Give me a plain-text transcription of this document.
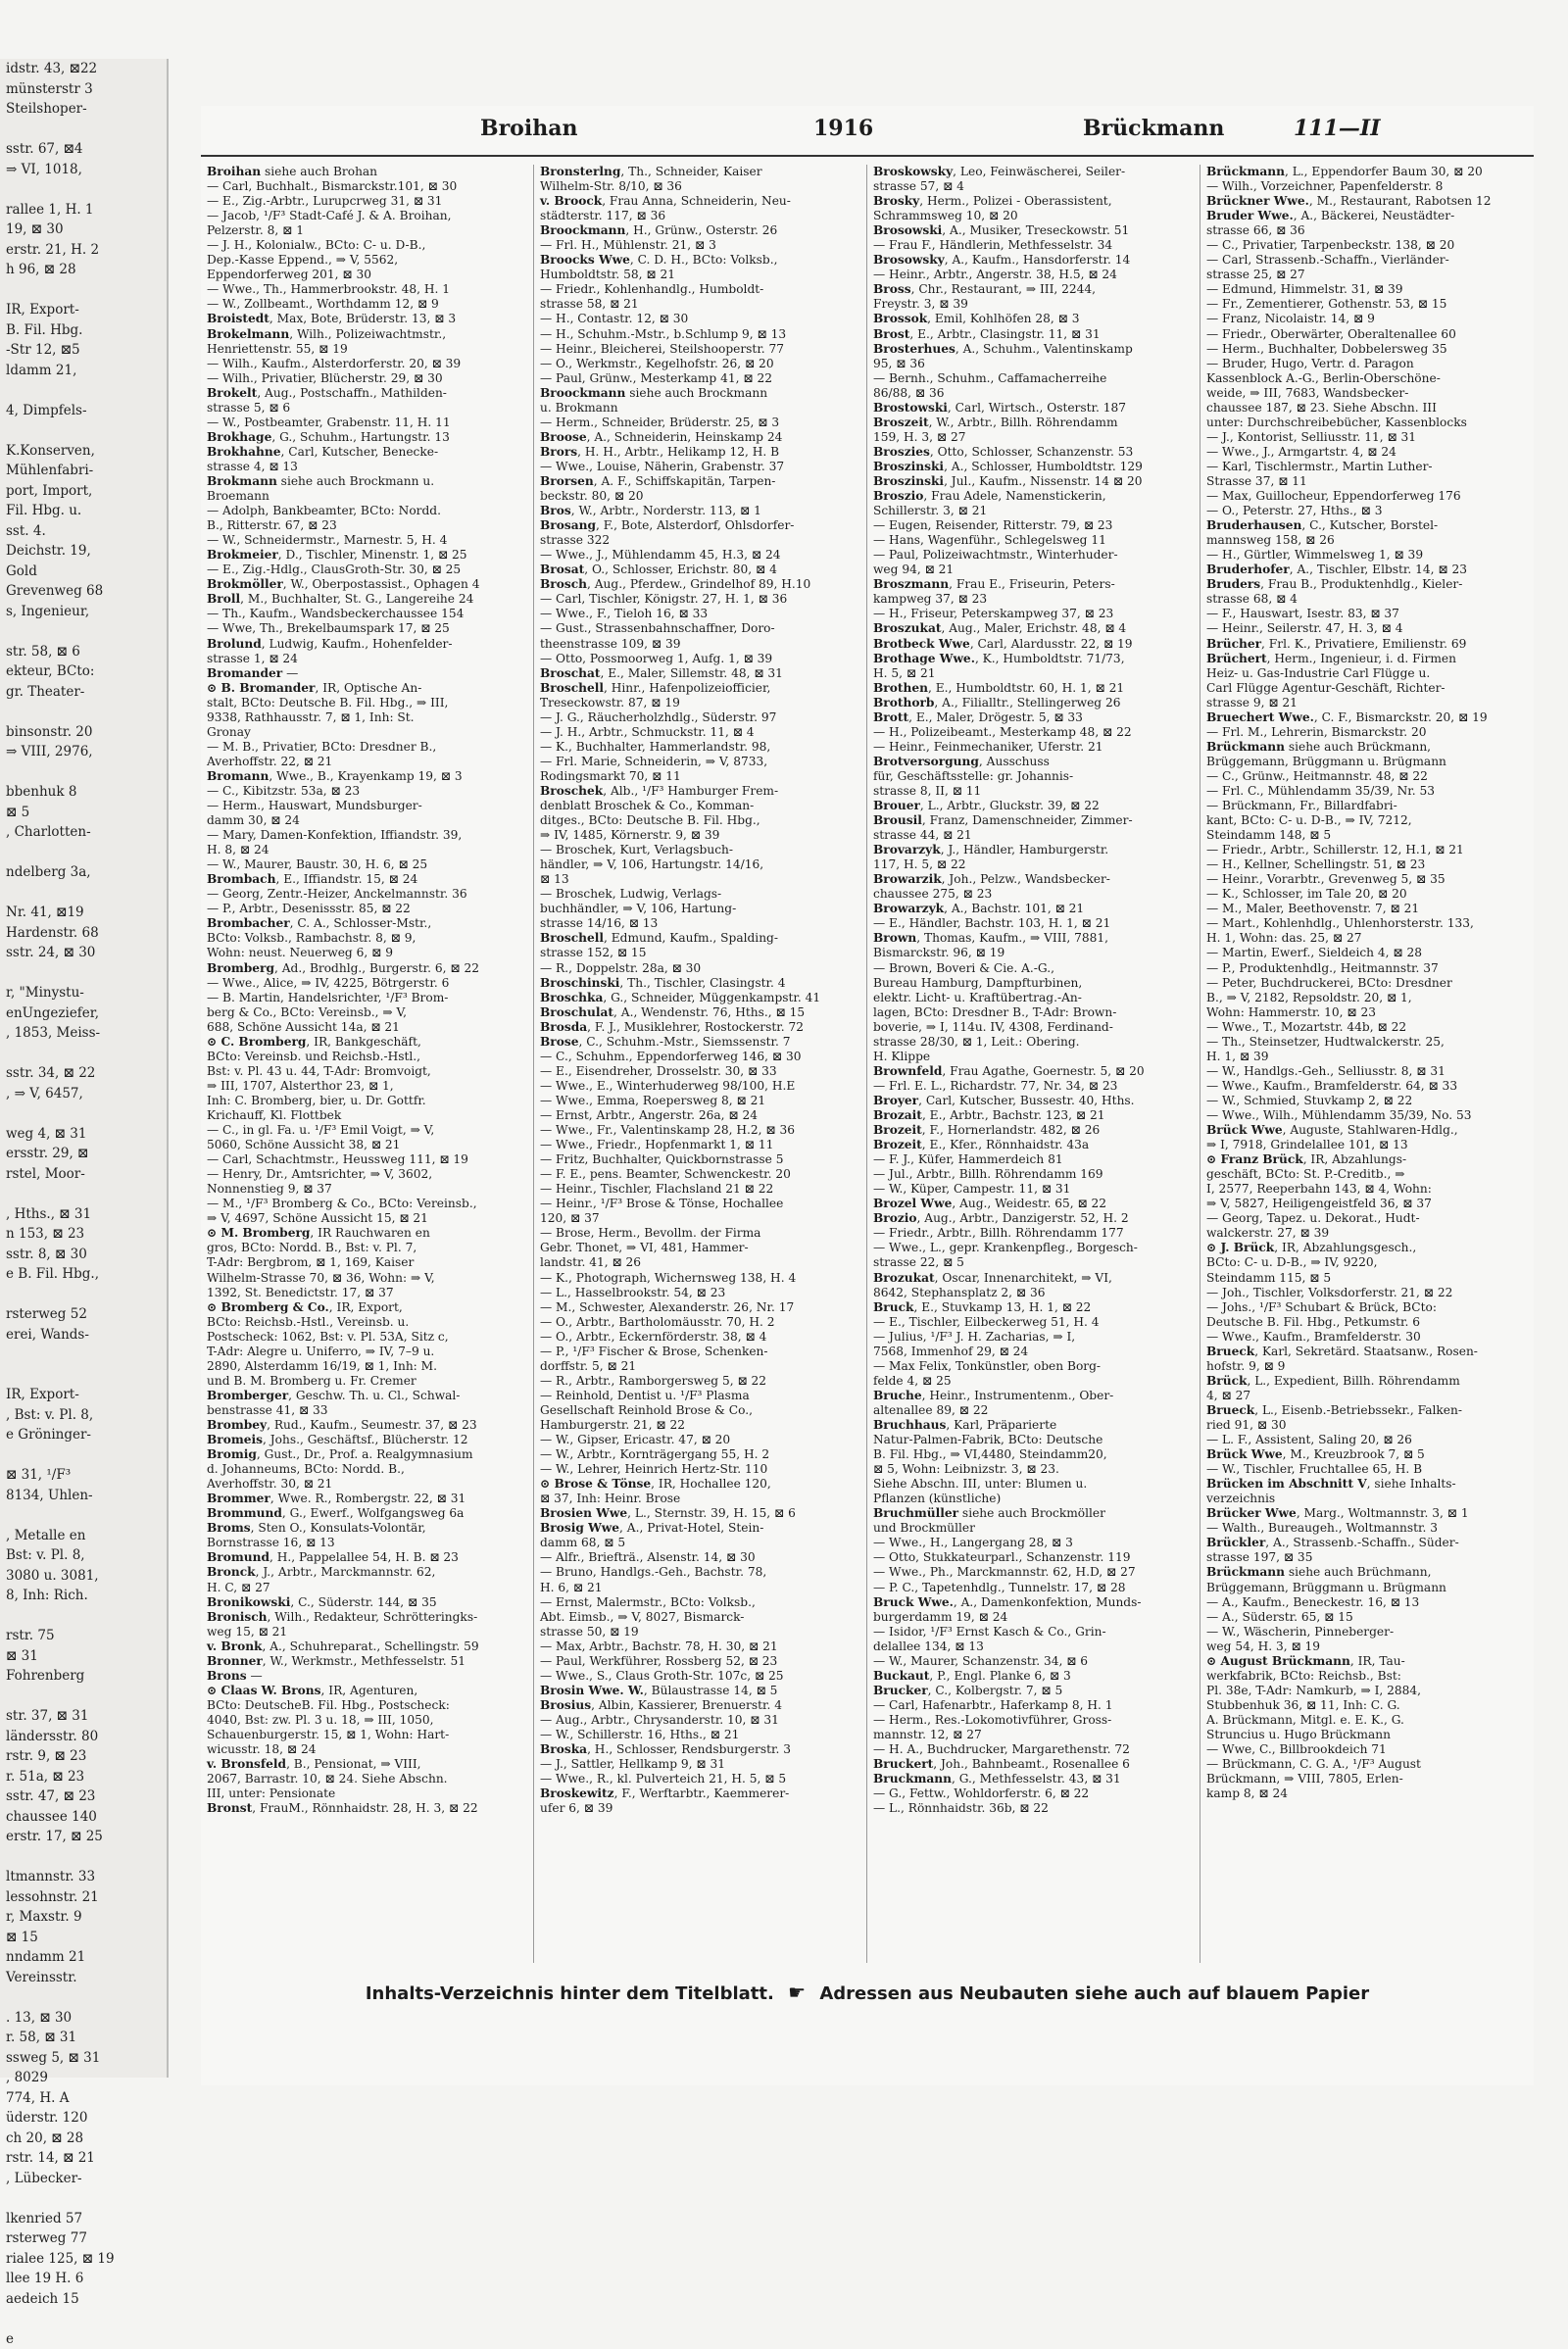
idstr. 43, ⊠22
münsterstr 3
Steilshoper-

sstr. 67, ⊠4
⇒ VI, 1018,

rallee 1, H. 1
19, ⊠ 30
erstr. 21, H. 2
h 96, ⊠ 28

IR, Export-
B. Fil. Hbg.
-Str 12, ⊠5
ldamm 21,

4, Dimpfels-

K.Konserven,
Mühlenfabri-
port, Import,
Fil. Hbg. u.
sst. 4.
Deichstr. 19,
Gold
Grevenweg 68
s, Ingenieur,

str. 58, ⊠ 6
ekteur, BCto:
gr. Theater-

binsonstr. 20
⇒ VIII, 2976,

bbenhuk 8
⊠ 5
, Charlotten-

ndelberg 3a,

Nr. 41, ⊠19
Hardenstr. 68
sstr. 24, ⊠ 30

r, "Minystu-
enUngeziefer,
, 1853, Meiss-

sstr. 34, ⊠ 22
, ⇒ V, 6457,

weg 4, ⊠ 31
ersstr. 29, ⊠
rstel, Moor-

, Hths., ⊠ 31
n 153, ⊠ 23
sstr. 8, ⊠ 30
e B. Fil. Hbg.,

rsterweg 52
erei, Wands-

IR, Export-
, Bst: v. Pl. 8,
e Gröninger-

⊠ 31, ¹/F³
8134, Uhlen-

, Metalle en
Bst: v. Pl. 8,
3080 u. 3081,
8, Inh: Rich.

rstr. 75
⊠ 31
Fohrenberg

str. 37, ⊠ 31
ländersstr. 80
rstr. 9, ⊠ 23
r. 51a, ⊠ 23
sstr. 47, ⊠ 23
chaussee 140
erstr. 17, ⊠ 25

ltmannstr. 33
lessohnstr. 21
r, Maxstr. 9
⊠ 15
nndamm 21
Vereinsstr.

. 13, ⊠ 30
r. 58, ⊠ 31
ssweg 5, ⊠ 31
, 8029
774, H. A
üderstr. 120
ch 20, ⊠ 28
rstr. 14, ⊠ 21
, Lübecker-

lkenried 57
rsterweg 77
rialee 125, ⊠ 19
llee 19 H. 6
aedeich 15

e
Broihan	1916	Brückmann	111—II
Broihan siehe auch Brohan
— Carl, Buchhalt., Bismarckstr.101, ⊠ 30
— E., Zig.-Arbtr., Lurupcrweg 31, ⊠ 31
— Jacob, ¹/F³ Stadt-Café J. & A. Broihan,
Pelzerstr. 8, ⊠ 1
— J. H., Kolonialw., BCto: C- u. D-B.,
Dep.-Kasse Eppend., ⇒ V, 5562,
Eppendorferweg 201, ⊠ 30
— Wwe., Th., Hammerbrookstr. 48, H. 1
— W., Zollbeamt., Worthdamm 12, ⊠ 9
Broistedt, Max, Bote, Brüderstr. 13, ⊠ 3
Brokelmann, Wilh., Polizeiwachtmstr.,
Henriettenstr. 55, ⊠ 19
— Wilh., Kaufm., Alsterdorferstr. 20, ⊠ 39
— Wilh., Privatier, Blücherstr. 29, ⊠ 30
Brokelt, Aug., Postschaffn., Mathilden-
strasse 5, ⊠ 6
— W., Postbeamter, Grabenstr. 11, H. 11
Brokhage, G., Schuhm., Hartungstr. 13
Brokhahne, Carl, Kutscher, Benecke-
strasse 4, ⊠ 13
Brokmann siehe auch Brockmann u.
Broemann
— Adolph, Bankbeamter, BCto: Nordd.
B., Ritterstr. 67, ⊠ 23
— W., Schneidermstr., Marnestr. 5, H. 4
Brokmeier, D., Tischler, Minenstr. 1, ⊠ 25
— E., Zig.-Hdlg., ClausGroth-Str. 30, ⊠ 25
Brokmöller, W., Oberpostassist., Ophagen 4
Broll, M., Buchhalter, St. G., Langereihe 24
— Th., Kaufm., Wandsbeckerchaussee 154
— Wwe, Th., Brekelbaumspark 17, ⊠ 25
Brolund, Ludwig, Kaufm., Hohenfelder-
strasse 1, ⊠ 24
Bromander —
⊙ B. Bromander, IR, Optische An-
stalt, BCto: Deutsche B. Fil. Hbg., ⇒ III,
9338, Rathhausstr. 7, ⊠ 1, Inh: St.
Gronay
— M. B., Privatier, BCto: Dresdner B.,
Averhoffstr. 22, ⊠ 21
Bromann, Wwe., B., Krayenkamp 19, ⊠ 3
— C., Kibitzstr. 53a, ⊠ 23
— Herm., Hauswart, Mundsburger-
damm 30, ⊠ 24
— Mary, Damen-Konfektion, Iffiandstr. 39,
H. 8, ⊠ 24
— W., Maurer, Baustr. 30, H. 6, ⊠ 25
Brombach, E., Iffiandstr. 15, ⊠ 24
— Georg, Zentr.-Heizer, Anckelmannstr. 36
— P., Arbtr., Desenissstr. 85, ⊠ 22
Brombacher, C. A., Schlosser-Mstr.,
BCto: Volksb., Rambachstr. 8, ⊠ 9,
Wohn: neust. Neuerweg 6, ⊠ 9
Bromberg, Ad., Brodhlg., Burgerstr. 6, ⊠ 22
— Wwe., Alice, ⇒ IV, 4225, Bötrgerstr. 6
— B. Martin, Handelsrichter, ¹/F³ Brom-
berg & Co., BCto: Vereinsb., ⇒ V,
688, Schöne Aussicht 14a, ⊠ 21
⊙ C. Bromberg, IR, Bankgeschäft,
BCto: Vereinsb. und Reichsb.-Hstl.,
Bst: v. Pl. 43 u. 44, T-Adr: Bromvoigt,
⇒ III, 1707, Alsterthor 23, ⊠ 1,
Inh: C. Bromberg, bier, u. Dr. Gottfr.
Krichauff, Kl. Flottbek
— C., in gl. Fa. u. ¹/F³ Emil Voigt, ⇒ V,
5060, Schöne Aussicht 38, ⊠ 21
— Carl, Schachtmstr., Heussweg 111, ⊠ 19
— Henry, Dr., Amtsrichter, ⇒ V, 3602,
Nonnenstieg 9, ⊠ 37
— M., ¹/F³ Bromberg & Co., BCto: Vereinsb.,
⇒ V, 4697, Schöne Aussicht 15, ⊠ 21
⊙ M. Bromberg, IR Rauchwaren en
gros, BCto: Nordd. B., Bst: v. Pl. 7,
T-Adr: Bergbrom, ⊠ 1, 169, Kaiser
Wilhelm-Strasse 70, ⊠ 36, Wohn: ⇒ V,
1392, St. Benedictstr. 17, ⊠ 37
⊙ Bromberg & Co., IR, Export,
BCto: Reichsb.-Hstl., Vereinsb. u.
Postscheck: 1062, Bst: v. Pl. 53A, Sitz c,
T-Adr: Alegre u. Uniferro, ⇒ IV, 7–9 u.
2890, Alsterdamm 16/19, ⊠ 1, Inh: M.
und B. M. Bromberg u. Fr. Cremer
Bromberger, Geschw. Th. u. Cl., Schwal-
benstrasse 41, ⊠ 33
Brombey, Rud., Kaufm., Seumestr. 37, ⊠ 23
Bromeis, Johs., Geschäftsf., Blücherstr. 12
Bromig, Gust., Dr., Prof. a. Realgymnasium
d. Johanneums, BCto: Nordd. B.,
Averhoffstr. 30, ⊠ 21
Brommer, Wwe. R., Rombergstr. 22, ⊠ 31
Brommund, G., Ewerf., Wolfgangsweg 6a
Broms, Sten O., Konsulats-Volontär,
Bornstrasse 16, ⊠ 13
Bromund, H., Pappelallee 54, H. B. ⊠ 23
Bronck, J., Arbtr., Marckmannstr. 62,
H. C, ⊠ 27
Bronikowski, C., Süderstr. 144, ⊠ 35
Bronisch, Wilh., Redakteur, Schrötteringks-
weg 15, ⊠ 21
v. Bronk, A., Schuhreparat., Schellingstr. 59
Bronner, W., Werkmstr., Methfesselstr. 51
Brons —
⊙ Claas W. Brons, IR, Agenturen,
BCto: DeutscheB. Fil. Hbg., Postscheck:
4040, Bst: zw. Pl. 3 u. 18, ⇒ III, 1050,
Schauenburgerstr. 15, ⊠ 1, Wohn: Hart-
wicusstr. 18, ⊠ 24
v. Bronsfeld, B., Pensionat, ⇒ VIII,
2067, Barrastr. 10, ⊠ 24. Siehe Abschn.
III, unter: Pensionate
Bronst, FrauM., Rönnhaidstr. 28, H. 3, ⊠ 22
Bronsterlng, Th., Schneider, Kaiser
Wilhelm-Str. 8/10, ⊠ 36
v. Broock, Frau Anna, Schneiderin, Neu-
städterstr. 117, ⊠ 36
Broockmann, H., Grünw., Osterstr. 26
— Frl. H., Mühlenstr. 21, ⊠ 3
Broocks Wwe, C. D. H., BCto: Volksb.,
Humboldtstr. 58, ⊠ 21
— Friedr., Kohlenhandlg., Humboldt-
strasse 58, ⊠ 21
— H., Contastr. 12, ⊠ 30
— H., Schuhm.-Mstr., b.Schlump 9, ⊠ 13
— Heinr., Bleicherei, Steilshooperstr. 77
— O., Werkmstr., Kegelhofstr. 26, ⊠ 20
— Paul, Grünw., Mesterkamp 41, ⊠ 22
Broockmann siehe auch Brockmann
u. Brokmann
— Herm., Schneider, Brüderstr. 25, ⊠ 3
Broose, A., Schneiderin, Heinskamp 24
Brors, H. H., Arbtr., Helikamp 12, H. B
— Wwe., Louise, Näherin, Grabenstr. 37
Brorsen, A. F., Schiffskapitän, Tarpen-
beckstr. 80, ⊠ 20
Bros, W., Arbtr., Norderstr. 113, ⊠ 1
Brosang, F., Bote, Alsterdorf, Ohlsdorfer-
strasse 322
— Wwe., J., Mühlendamm 45, H.3, ⊠ 24
Brosat, O., Schlosser, Erichstr. 80, ⊠ 4
Brosch, Aug., Pferdew., Grindelhof 89, H.10
— Carl, Tischler, Königstr. 27, H. 1, ⊠ 36
— Wwe., F., Tieloh 16, ⊠ 33
— Gust., Strassenbahnschaffner, Doro-
theenstrasse 109, ⊠ 39
— Otto, Possmoorweg 1, Aufg. 1, ⊠ 39
Broschat, E., Maler, Sillemstr. 48, ⊠ 31
Broschell, Hinr., Hafenpolizeiofficier,
Treseckowstr. 87, ⊠ 19
— J. G., Räucherholzhdlg., Süderstr. 97
— J. H., Arbtr., Schmuckstr. 11, ⊠ 4
— K., Buchhalter, Hammerlandstr. 98,
— Frl. Marie, Schneiderin, ⇒ V, 8733,
Rodingsmarkt 70, ⊠ 11
Broschek, Alb., ¹/F³ Hamburger Frem-
denblatt Broschek & Co., Komman-
ditges., BCto: Deutsche B. Fil. Hbg.,
⇒ IV, 1485, Körnerstr. 9, ⊠ 39
— Broschek, Kurt, Verlagsbuch-
händler, ⇒ V, 106, Hartungstr. 14/16,
⊠ 13
— Broschek, Ludwig, Verlags-
buchhändler, ⇒ V, 106, Hartung-
strasse 14/16, ⊠ 13
Broschell, Edmund, Kaufm., Spalding-
strasse 152, ⊠ 15
— R., Doppelstr. 28a, ⊠ 30
Broschinski, Th., Tischler, Clasingstr. 4
Broschka, G., Schneider, Müggenkampstr. 41
Broschulat, A., Wendenstr. 76, Hths., ⊠ 15
Brosda, F. J., Musiklehrer, Rostockerstr. 72
Brose, C., Schuhm.-Mstr., Siemssenstr. 7
— C., Schuhm., Eppendorferweg 146, ⊠ 30
— E., Eisendreher, Drosselstr. 30, ⊠ 33
— Wwe., E., Winterhuderweg 98/100, H.E
— Wwe., Emma, Roepersweg 8, ⊠ 21
— Ernst, Arbtr., Angerstr. 26a, ⊠ 24
— Wwe., Fr., Valentinskamp 28, H.2, ⊠ 36
— Wwe., Friedr., Hopfenmarkt 1, ⊠ 11
— Fritz, Buchhalter, Quickbornstrasse 5
— F. E., pens. Beamter, Schwenckestr. 20
— Heinr., Tischler, Flachsland 21 ⊠ 22
— Heinr., ¹/F³ Brose & Tönse, Hochallee
120, ⊠ 37
— Brose, Herm., Bevollm. der Firma
Gebr. Thonet, ⇒ VI, 481, Hammer-
landstr. 41, ⊠ 26
— K., Photograph, Wichernsweg 138, H. 4
— L., Hasselbrookstr. 54, ⊠ 23
— M., Schwester, Alexanderstr. 26, Nr. 17
— O., Arbtr., Bartholomäusstr. 70, H. 2
— O., Arbtr., Eckernförderstr. 38, ⊠ 4
— P., ¹/F³ Fischer & Brose, Schenken-
dorffstr. 5, ⊠ 21
— R., Arbtr., Ramborgersweg 5, ⊠ 22
— Reinhold, Dentist u. ¹/F³ Plasma
Gesellschaft Reinhold Brose & Co.,
Hamburgerstr. 21, ⊠ 22
— W., Gipser, Ericastr. 47, ⊠ 20
— W., Arbtr., Kornträgergang 55, H. 2
— W., Lehrer, Heinrich Hertz-Str. 110
⊙ Brose & Tönse, IR, Hochallee 120,
⊠ 37, Inh: Heinr. Brose
Brosien Wwe, L., Sternstr. 39, H. 15, ⊠ 6
Brosig Wwe, A., Privat-Hotel, Stein-
damm 68, ⊠ 5
— Alfr., Briefträ., Alsenstr. 14, ⊠ 30
— Bruno, Handlgs.-Geh., Bachstr. 78,
H. 6, ⊠ 21
— Ernst, Malermstr., BCto: Volksb.,
Abt. Eimsb., ⇒ V, 8027, Bismarck-
strasse 50, ⊠ 19
— Max, Arbtr., Bachstr. 78, H. 30, ⊠ 21
— Paul, Werkführer, Rossberg 52, ⊠ 23
— Wwe., S., Claus Groth-Str. 107c, ⊠ 25
Brosin Wwe. W., Bülaustrasse 14, ⊠ 5
Brosius, Albin, Kassierer, Brenuerstr. 4
— Aug., Arbtr., Chrysanderstr. 10, ⊠ 31
— W., Schillerstr. 16, Hths., ⊠ 21
Broska, H., Schlosser, Rendsburgerstr. 3
— J., Sattler, Hellkamp 9, ⊠ 31
— Wwe., R., kl. Pulverteich 21, H. 5, ⊠ 5
Broskewitz, F., Werftarbtr., Kaemmerer-
ufer 6, ⊠ 39
Broskowsky, Leo, Feinwäscherei, Seiler-
strasse 57, ⊠ 4
Brosky, Herm., Polizei - Oberassistent,
Schrammsweg 10, ⊠ 20
Brosowski, A., Musiker, Treseckowstr. 51
— Frau F., Händlerin, Methfesselstr. 34
Brosowsky, A., Kaufm., Hansdorferstr. 14
— Heinr., Arbtr., Angerstr. 38, H.5, ⊠ 24
Bross, Chr., Restaurant, ⇒ III, 2244,
Freystr. 3, ⊠ 39
Brossok, Emil, Kohlhöfen 28, ⊠ 3
Brost, E., Arbtr., Clasingstr. 11, ⊠ 31
Brosterhues, A., Schuhm., Valentinskamp
95, ⊠ 36
— Bernh., Schuhm., Caffamacherreihe
86/88, ⊠ 36
Brostowski, Carl, Wirtsch., Osterstr. 187
Broszeit, W., Arbtr., Billh. Röhrendamm
159, H. 3, ⊠ 27
Broszies, Otto, Schlosser, Schanzenstr. 53
Broszinski, A., Schlosser, Humboldtstr. 129
Broszinski, Jul., Kaufm., Nissenstr. 14 ⊠ 20
Broszio, Frau Adele, Namenstickerin,
Schillerstr. 3, ⊠ 21
— Eugen, Reisender, Ritterstr. 79, ⊠ 23
— Hans, Wagenführ., Schlegelsweg 11
— Paul, Polizeiwachtmstr., Winterhuder-
weg 94, ⊠ 21
Broszmann, Frau E., Friseurin, Peters-
kampweg 37, ⊠ 23
— H., Friseur, Peterskampweg 37, ⊠ 23
Broszukat, Aug., Maler, Erichstr. 48, ⊠ 4
Brotbeck Wwe, Carl, Alardusstr. 22, ⊠ 19
Brothage Wwe., K., Humboldtstr. 71/73,
H. 5, ⊠ 21
Brothen, E., Humboldtstr. 60, H. 1, ⊠ 21
Brothorb, A., Filialltr., Stellingerweg 26
Brott, E., Maler, Drögestr. 5, ⊠ 33
— H., Polizeibeamt., Mesterkamp 48, ⊠ 22
— Heinr., Feinmechaniker, Uferstr. 21
Brotversorgung, Ausschuss
für, Geschäftsstelle: gr. Johannis-
strasse 8, II, ⊠ 11
Brouer, L., Arbtr., Gluckstr. 39, ⊠ 22
Brousil, Franz, Damenschneider, Zimmer-
strasse 44, ⊠ 21
Brovarzyk, J., Händler, Hamburgerstr.
117, H. 5, ⊠ 22
Browarzik, Joh., Pelzw., Wandsbecker-
chaussee 275, ⊠ 23
Browarzyk, A., Bachstr. 101, ⊠ 21
— E., Händler, Bachstr. 103, H. 1, ⊠ 21
Brown, Thomas, Kaufm., ⇒ VIII, 7881,
Bismarckstr. 96, ⊠ 19
— Brown, Boveri & Cie. A.-G.,
Bureau Hamburg, Dampfturbinen,
elektr. Licht- u. Kraftübertrag.-An-
lagen, BCto: Dresdner B., T-Adr: Brown-
boverie, ⇒ I, 114u. IV, 4308, Ferdinand-
strasse 28/30, ⊠ 1, Leit.: Obering.
H. Klippe
Brownfeld, Frau Agathe, Goernestr. 5, ⊠ 20
— Frl. E. L., Richardstr. 77, Nr. 34, ⊠ 23
Broyer, Carl, Kutscher, Bussestr. 40, Hths.
Brozait, E., Arbtr., Bachstr. 123, ⊠ 21
Brozeit, F., Hornerlandstr. 482, ⊠ 26
Brozeit, E., Kfer., Rönnhaidstr. 43a
— F. J., Küfer, Hammerdeich 81
— Jul., Arbtr., Billh. Röhrendamm 169
— W., Küper, Campestr. 11, ⊠ 31
Brozel Wwe, Aug., Weidestr. 65, ⊠ 22
Brozio, Aug., Arbtr., Danzigerstr. 52, H. 2
— Friedr., Arbtr., Billh. Röhrendamm 177
— Wwe., L., gepr. Krankenpfleg., Borgesch-
strasse 22, ⊠ 5
Brozukat, Oscar, Innenarchitekt, ⇒ VI,
8642, Stephansplatz 2, ⊠ 36
Bruck, E., Stuvkamp 13, H. 1, ⊠ 22
— E., Tischler, Eilbeckerweg 51, H. 4
— Julius, ¹/F³ J. H. Zacharias, ⇒ I,
7568, Immenhof 29, ⊠ 24
— Max Felix, Tonkünstler, oben Borg-
felde 4, ⊠ 25
Bruche, Heinr., Instrumentenm., Ober-
altenallee 89, ⊠ 22
Bruchhaus, Karl, Präparierte
Natur-Palmen-Fabrik, BCto: Deutsche
B. Fil. Hbg., ⇒ VI,4480, Steindamm20,
⊠ 5, Wohn: Leibnizstr. 3, ⊠ 23.
Siehe Abschn. III, unter: Blumen u.
Pflanzen (künstliche)
Bruchmüller siehe auch Brockmöller
und Brockmüller
— Wwe., H., Langergang 28, ⊠ 3
— Otto, Stukkateurparl., Schanzenstr. 119
— Wwe., Ph., Marckmannstr. 62, H.D, ⊠ 27
— P. C., Tapetenhdlg., Tunnelstr. 17, ⊠ 28
Bruck Wwe., A., Damenkonfektion, Munds-
burgerdamm 19, ⊠ 24
— Isidor, ¹/F³ Ernst Kasch & Co., Grin-
delallee 134, ⊠ 13
— W., Maurer, Schanzenstr. 34, ⊠ 6
Buckaut, P., Engl. Planke 6, ⊠ 3
Brucker, C., Kolbergstr. 7, ⊠ 5
— Carl, Hafenarbtr., Haferkamp 8, H. 1
— Herm., Res.-Lokomotivführer, Gross-
mannstr. 12, ⊠ 27
— H. A., Buchdrucker, Margarethenstr. 72
Bruckert, Joh., Bahnbeamt., Rosenallee 6
Bruckmann, G., Methfesselstr. 43, ⊠ 31
— G., Fettw., Wohldorferstr. 6, ⊠ 22
— L., Rönnhaidstr. 36b, ⊠ 22
Brückmann, L., Eppendorfer Baum 30, ⊠ 20
— Wilh., Vorzeichner, Papenfelderstr. 8
Brückner Wwe., M., Restaurant, Rabotsen 12
Bruder Wwe., A., Bäckerei, Neustädter-
strasse 66, ⊠ 36
— C., Privatier, Tarpenbeckstr. 138, ⊠ 20
— Carl, Strassenb.-Schaffn., Vierländer-
strasse 25, ⊠ 27
— Edmund, Himmelstr. 31, ⊠ 39
— Fr., Zementierer, Gothenstr. 53, ⊠ 15
— Franz, Nicolaistr. 14, ⊠ 9
— Friedr., Oberwärter, Oberaltenallee 60
— Herm., Buchhalter, Dobbelersweg 35
— Bruder, Hugo, Vertr. d. Paragon
Kassenblock A.-G., Berlin-Oberschöne-
weide, ⇒ III, 7683, Wandsbecker-
chaussee 187, ⊠ 23. Siehe Abschn. III
unter: Durchschreibebücher, Kassenblocks
— J., Kontorist, Selliusstr. 11, ⊠ 31
— Wwe., J., Armgartstr. 4, ⊠ 24
— Karl, Tischlermstr., Martin Luther-
Strasse 37, ⊠ 11
— Max, Guillocheur, Eppendorferweg 176
— O., Peterstr. 27, Hths., ⊠ 3
Bruderhausen, C., Kutscher, Borstel-
mannsweg 158, ⊠ 26
— H., Gürtler, Wimmelsweg 1, ⊠ 39
Bruderhofer, A., Tischler, Elbstr. 14, ⊠ 23
Bruders, Frau B., Produktenhdlg., Kieler-
strasse 68, ⊠ 4
— F., Hauswart, Isestr. 83, ⊠ 37
— Heinr., Seilerstr. 47, H. 3, ⊠ 4
Brücher, Frl. K., Privatiere, Emilienstr. 69
Brüchert, Herm., Ingenieur, i. d. Firmen
Heiz- u. Gas-Industrie Carl Flügge u.
Carl Flügge Agentur-Geschäft, Richter-
strasse 9, ⊠ 21
Bruechert Wwe., C. F., Bismarckstr. 20, ⊠ 19
— Frl. M., Lehrerin, Bismarckstr. 20
Brückmann siehe auch Brückmann,
Brüggemann, Brüggmann u. Brügmann
— C., Grünw., Heitmannstr. 48, ⊠ 22
— Frl. C., Mühlendamm 35/39, Nr. 53
— Brückmann, Fr., Billardfabri-
kant, BCto: C- u. D-B., ⇒ IV, 7212,
Steindamm 148, ⊠ 5
— Friedr., Arbtr., Schillerstr. 12, H.1, ⊠ 21
— H., Kellner, Schellingstr. 51, ⊠ 23
— Heinr., Vorarbtr., Grevenweg 5, ⊠ 35
— K., Schlosser, im Tale 20, ⊠ 20
— M., Maler, Beethovenstr. 7, ⊠ 21
— Mart., Kohlenhdlg., Uhlenhorsterstr. 133,
H. 1, Wohn: das. 25, ⊠ 27
— Martin, Ewerf., Sieldeich 4, ⊠ 28
— P., Produktenhdlg., Heitmannstr. 37
— Peter, Buchdruckerei, BCto: Dresdner
B., ⇒ V, 2182, Repsoldstr. 20, ⊠ 1,
Wohn: Hammerstr. 10, ⊠ 23
— Wwe., T., Mozartstr. 44b, ⊠ 22
— Th., Steinsetzer, Hudtwalckerstr. 25,
H. 1, ⊠ 39
— W., Handlgs.-Geh., Selliusstr. 8, ⊠ 31
— Wwe., Kaufm., Bramfelderstr. 64, ⊠ 33
— W., Schmied, Stuvkamp 2, ⊠ 22
— Wwe., Wilh., Mühlendamm 35/39, No. 53
Brück Wwe, Auguste, Stahlwaren-Hdlg.,
⇒ I, 7918, Grindelallee 101, ⊠ 13
⊙ Franz Brück, IR, Abzahlungs-
geschäft, BCto: St. P.-Creditb., ⇒
I, 2577, Reeperbahn 143, ⊠ 4, Wohn:
⇒ V, 5827, Heiligengeistfeld 36, ⊠ 37
— Georg, Tapez. u. Dekorat., Hudt-
walckerstr. 27, ⊠ 39
⊙ J. Brück, IR, Abzahlungsgesch.,
BCto: C- u. D-B., ⇒ IV, 9220,
Steindamm 115, ⊠ 5
— Joh., Tischler, Volksdorferstr. 21, ⊠ 22
— Johs., ¹/F³ Schubart & Brück, BCto:
Deutsche B. Fil. Hbg., Petkumstr. 6
— Wwe., Kaufm., Bramfelderstr. 30
Brueck, Karl, Sekretärd. Staatsanw., Rosen-
hofstr. 9, ⊠ 9
Brück, L., Expedient, Billh. Röhrendamm
4, ⊠ 27
Brueck, L., Eisenb.-Betriebssekr., Falken-
ried 91, ⊠ 30
— L. F., Assistent, Saling 20, ⊠ 26
Brück Wwe, M., Kreuzbrook 7, ⊠ 5
— W., Tischler, Fruchtallee 65, H. B
Brücken im Abschnitt V, siehe Inhalts-
verzeichnis
Brücker Wwe, Marg., Woltmannstr. 3, ⊠ 1
— Walth., Bureaugeh., Woltmannstr. 3
Brückler, A., Strassenb.-Schaffn., Süder-
strasse 197, ⊠ 35
Brückmann siehe auch Brüchmann,
Brüggemann, Brüggmann u. Brügmann
— A., Kaufm., Beneckestr. 16, ⊠ 13
— A., Süderstr. 65, ⊠ 15
— W., Wäscherin, Pinneberger-
weg 54, H. 3, ⊠ 19
⊙ August Brückmann, IR, Tau-
werkfabrik, BCto: Reichsb., Bst:
Pl. 38e, T-Adr: Namkurb, ⇒ I, 2884,
Stubbenhuk 36, ⊠ 11, Inh: C. G.
A. Brückmann, Mitgl. e. E. K., G.
Struncius u. Hugo Brückmann
— Wwe, C., Billbrookdeich 71
— Brückmann, C. G. A., ¹/F³ August
Brückmann, ⇒ VIII, 7805, Erlen-
kamp 8, ⊠ 24
Inhalts-Verzeichnis hinter dem Titelblatt. ☛ Adressen aus Neubauten siehe auch auf blauem Papier
